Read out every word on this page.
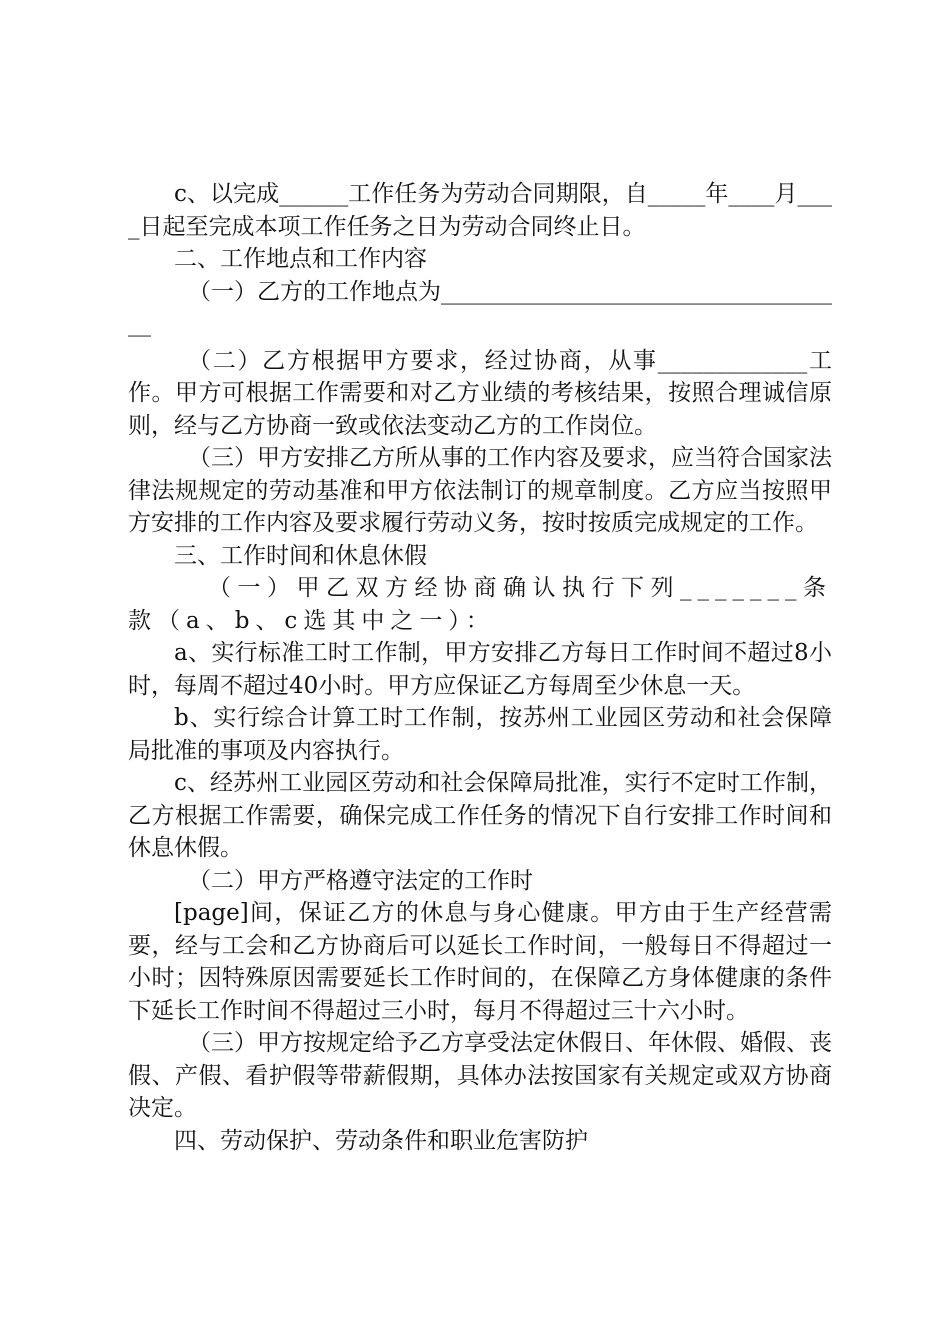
c、以完成______工作任务为劳动合同期限，自_____年____月____日起至完成本项工作任务之日为劳动合同终止日。

二、工作地点和工作内容

（一）乙方的工作地点为____________________________________

（二）乙方根据甲方要求，经过协商，从事_____________工作。甲方可根据工作需要和对乙方业绩的考核结果，按照合理诚信原则，经与乙方协商一致或依法变动乙方的工作岗位。

（三）甲方安排乙方所从事的工作内容及要求，应当符合国家法律法规规定的劳动基准和甲方依法制订的规章制度。乙方应当按照甲方安排的工作内容及要求履行劳动义务，按时按质完成规定的工作。

三、工作时间和休息休假

（一）甲乙双方经协商确认执行下列_______条款（a、b、c选其中之一）：

a、实行标准工时工作制，甲方安排乙方每日工作时间不超过8小时，每周不超过40小时。甲方应保证乙方每周至少休息一天。

b、实行综合计算工时工作制，按苏州工业园区劳动和社会保障局批准的事项及内容执行。

c、经苏州工业园区劳动和社会保障局批准，实行不定时工作制，乙方根据工作需要，确保完成工作任务的情况下自行安排工作时间和休息休假。

（二）甲方严格遵守法定的工作时

[page]间，保证乙方的休息与身心健康。甲方由于生产经营需要，经与工会和乙方协商后可以延长工作时间，一般每日不得超过一小时；因特殊原因需要延长工作时间的，在保障乙方身体健康的条件下延长工作时间不得超过三小时，每月不得超过三十六小时。

（三）甲方按规定给予乙方享受法定休假日、年休假、婚假、丧假、产假、看护假等带薪假期，具体办法按国家有关规定或双方协商决定。

四、劳动保护、劳动条件和职业危害防护
